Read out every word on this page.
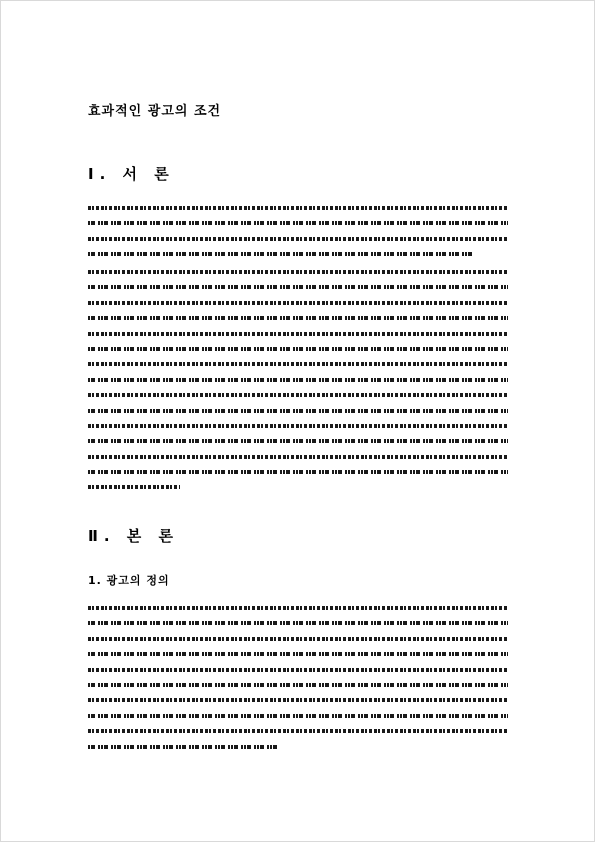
효과적인 광고의 조건
Ⅰ. 서 론
Ⅱ. 본 론
1. 광고의 정의
